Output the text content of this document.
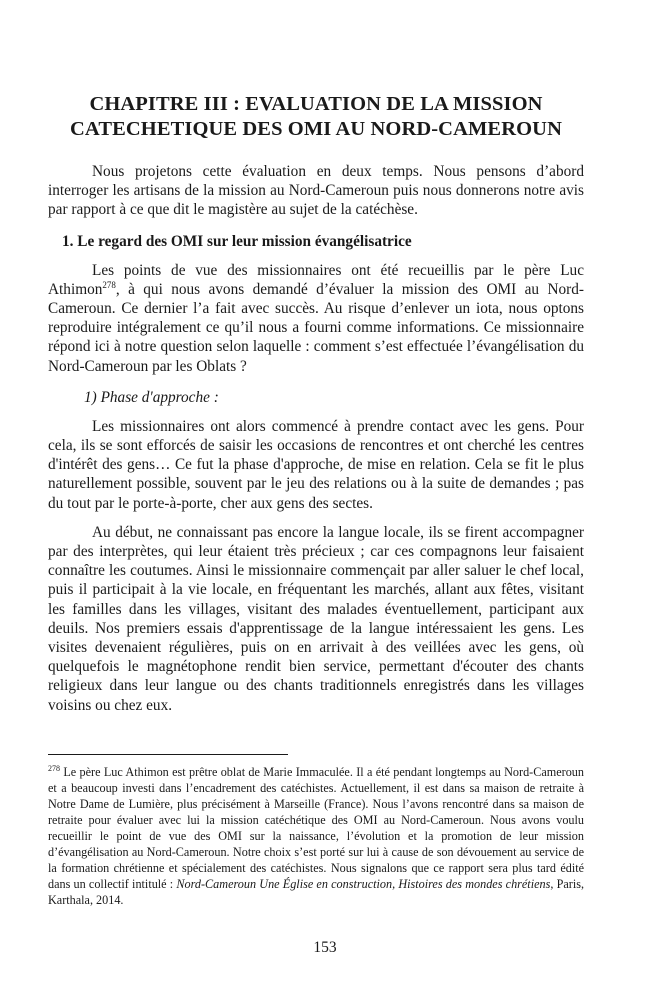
CHAPITRE III : EVALUATION DE LA MISSION
CATECHETIQUE DES OMI AU NORD-CAMEROUN

Nous projetons cette évaluation en deux temps. Nous pensons d’abord interroger les artisans de la mission au Nord-Cameroun puis nous donnerons notre avis par rapport à ce que dit le magistère au sujet de la catéchèse.

1. Le regard des OMI sur leur mission évangélisatrice

Les points de vue des missionnaires ont été recueillis par le père Luc Athimon$^{278}$, à qui nous avons demandé d’évaluer la mission des OMI au Nord-Cameroun. Ce dernier l’a fait avec succès. Au risque d’enlever un iota, nous optons reproduire intégralement ce qu’il nous a fourni comme informations. Ce missionnaire répond ici à notre question selon laquelle : comment s’est effectuée l’évangélisation du Nord-Cameroun par les Oblats ?

1) Phase d'approche :

Les missionnaires ont alors commencé à prendre contact avec les gens. Pour cela, ils se sont efforcés de saisir les occasions de rencontres et ont cherché les centres d'intérêt des gens… Ce fut la phase d'approche, de mise en relation. Cela se fit le plus naturellement possible, souvent par le jeu des relations ou à la suite de demandes ; pas du tout par le porte-à-porte, cher aux gens des sectes.

Au début, ne connaissant pas encore la langue locale, ils se firent accompagner par des interprètes, qui leur étaient très précieux ; car ces compagnons leur faisaient connaître les coutumes. Ainsi le missionnaire commençait par aller saluer le chef local, puis il participait à la vie locale, en fréquentant les marchés, allant aux fêtes, visitant les familles dans les villages, visitant des malades éventuellement, participant aux deuils. Nos premiers essais d'apprentissage de la langue intéressaient les gens. Les visites devenaient régulières, puis on en arrivait à des veillées avec les gens, où quelquefois le magnétophone rendit bien service, permettant d'écouter des chants religieux dans leur langue ou des chants traditionnels enregistrés dans les villages voisins ou chez eux.

$^{278}$ Le père Luc Athimon est prêtre oblat de Marie Immaculée. Il a été pendant longtemps au Nord-Cameroun et a beaucoup investi dans l’encadrement des catéchistes. Actuellement, il est dans sa maison de retraite à Notre Dame de Lumière, plus précisément à Marseille (France). Nous l’avons rencontré dans sa maison de retraite pour évaluer avec lui la mission catéchétique des OMI au Nord-Cameroun. Nous avons voulu recueillir le point de vue des OMI sur la naissance, l’évolution et la promotion de leur mission d’évangélisation au Nord-Cameroun. Notre choix s’est porté sur lui à cause de son dévouement au service de la formation chrétienne et spécialement des catéchistes. Nous signalons que ce rapport sera plus tard édité dans un collectif intitulé : Nord-Cameroun Une Église en construction, Histoires des mondes chrétiens, Paris, Karthala, 2014.
153
